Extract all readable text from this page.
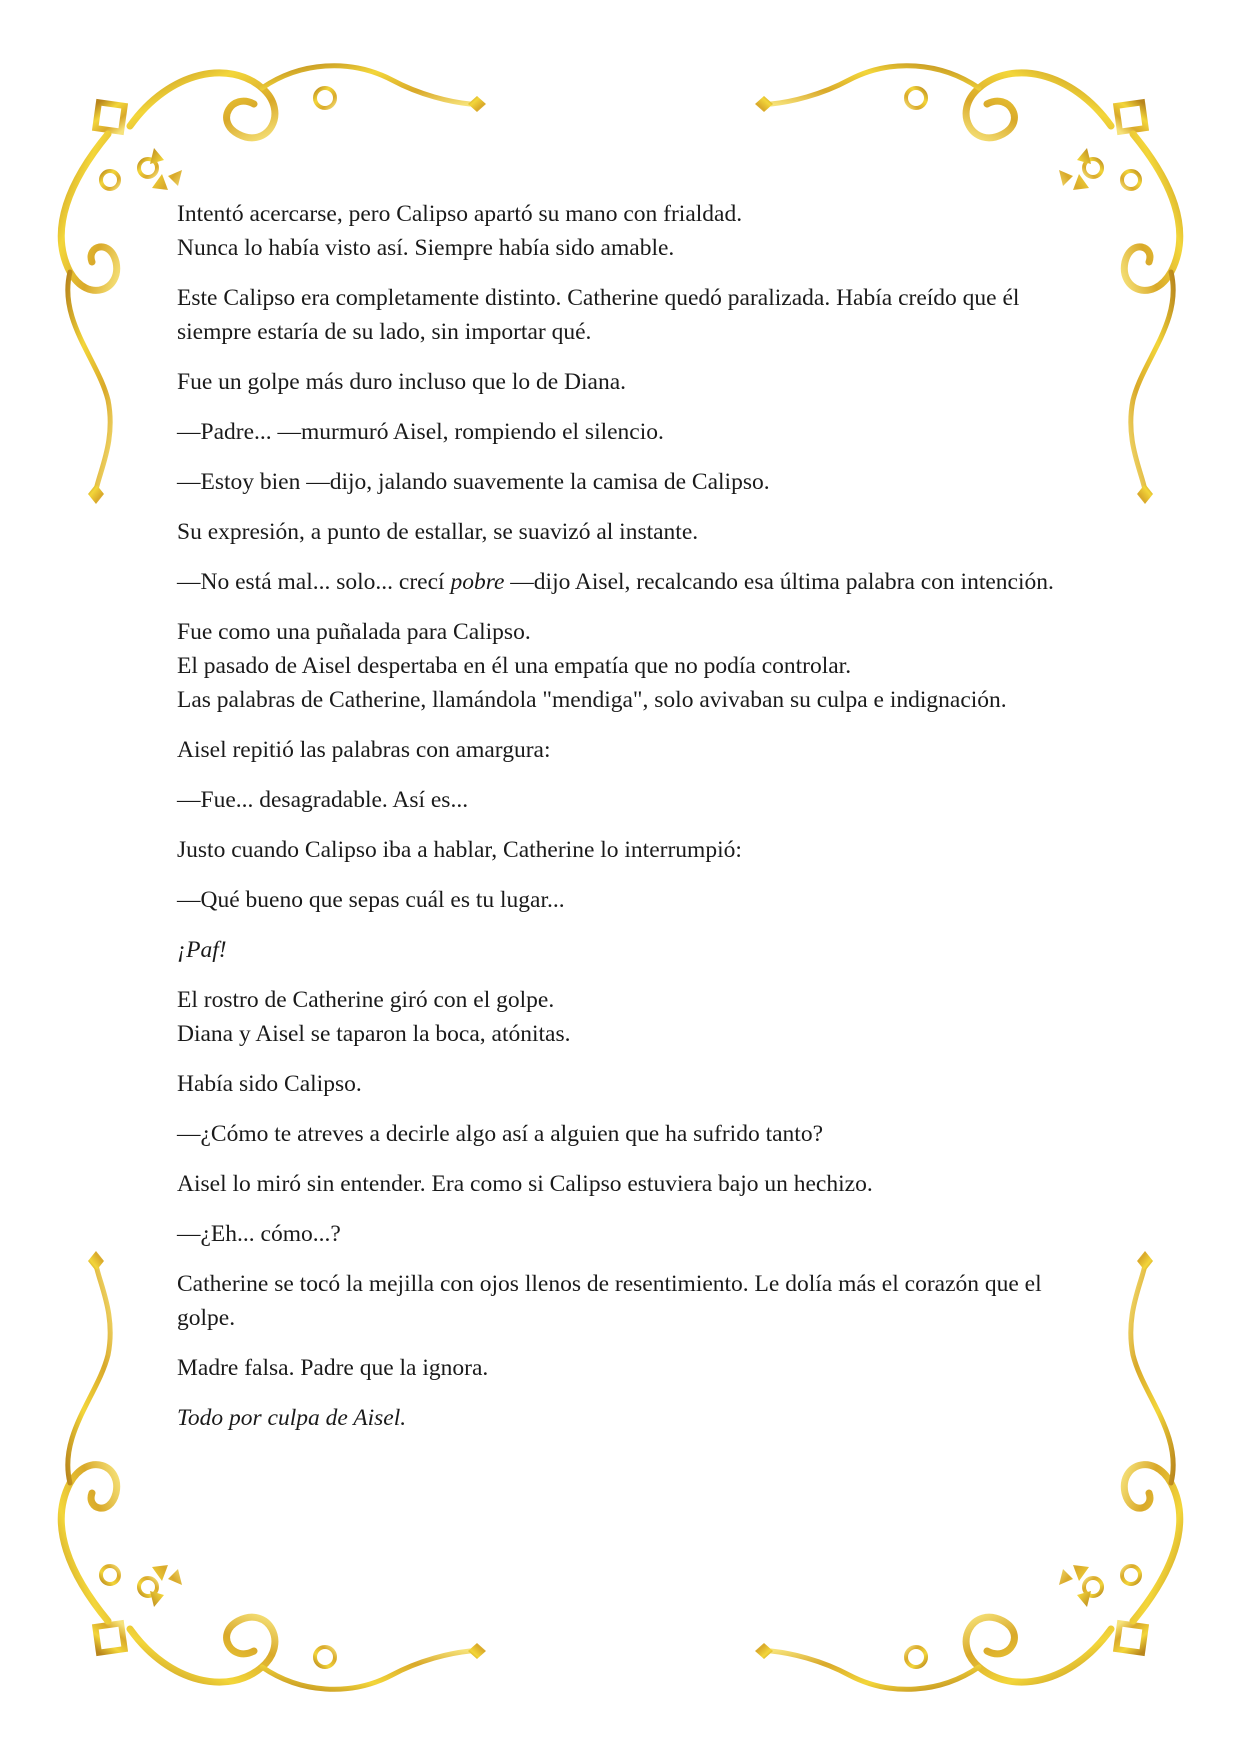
Intentó acercarse, pero Calipso apartó su mano con frialdad.
Nunca lo había visto así. Siempre había sido amable.

Este Calipso era completamente distinto. Catherine quedó paralizada. Había creído que él siempre estaría de su lado, sin importar qué.

Fue un golpe más duro incluso que lo de Diana.

—Padre... —murmuró Aisel, rompiendo el silencio.

—Estoy bien —dijo, jalando suavemente la camisa de Calipso.

Su expresión, a punto de estallar, se suavizó al instante.

—No está mal... solo... crecí pobre —dijo Aisel, recalcando esa última palabra con intención.

Fue como una puñalada para Calipso.
El pasado de Aisel despertaba en él una empatía que no podía controlar.
Las palabras de Catherine, llamándola "mendiga", solo avivaban su culpa e indignación.

Aisel repitió las palabras con amargura:

—Fue... desagradable. Así es...

Justo cuando Calipso iba a hablar, Catherine lo interrumpió:

—Qué bueno que sepas cuál es tu lugar...

¡Paf!

El rostro de Catherine giró con el golpe.
Diana y Aisel se taparon la boca, atónitas.

Había sido Calipso.

—¿Cómo te atreves a decirle algo así a alguien que ha sufrido tanto?

Aisel lo miró sin entender. Era como si Calipso estuviera bajo un hechizo.

—¿Eh... cómo...?

Catherine se tocó la mejilla con ojos llenos de resentimiento. Le dolía más el corazón que el golpe.

Madre falsa. Padre que la ignora.

Todo por culpa de Aisel.
